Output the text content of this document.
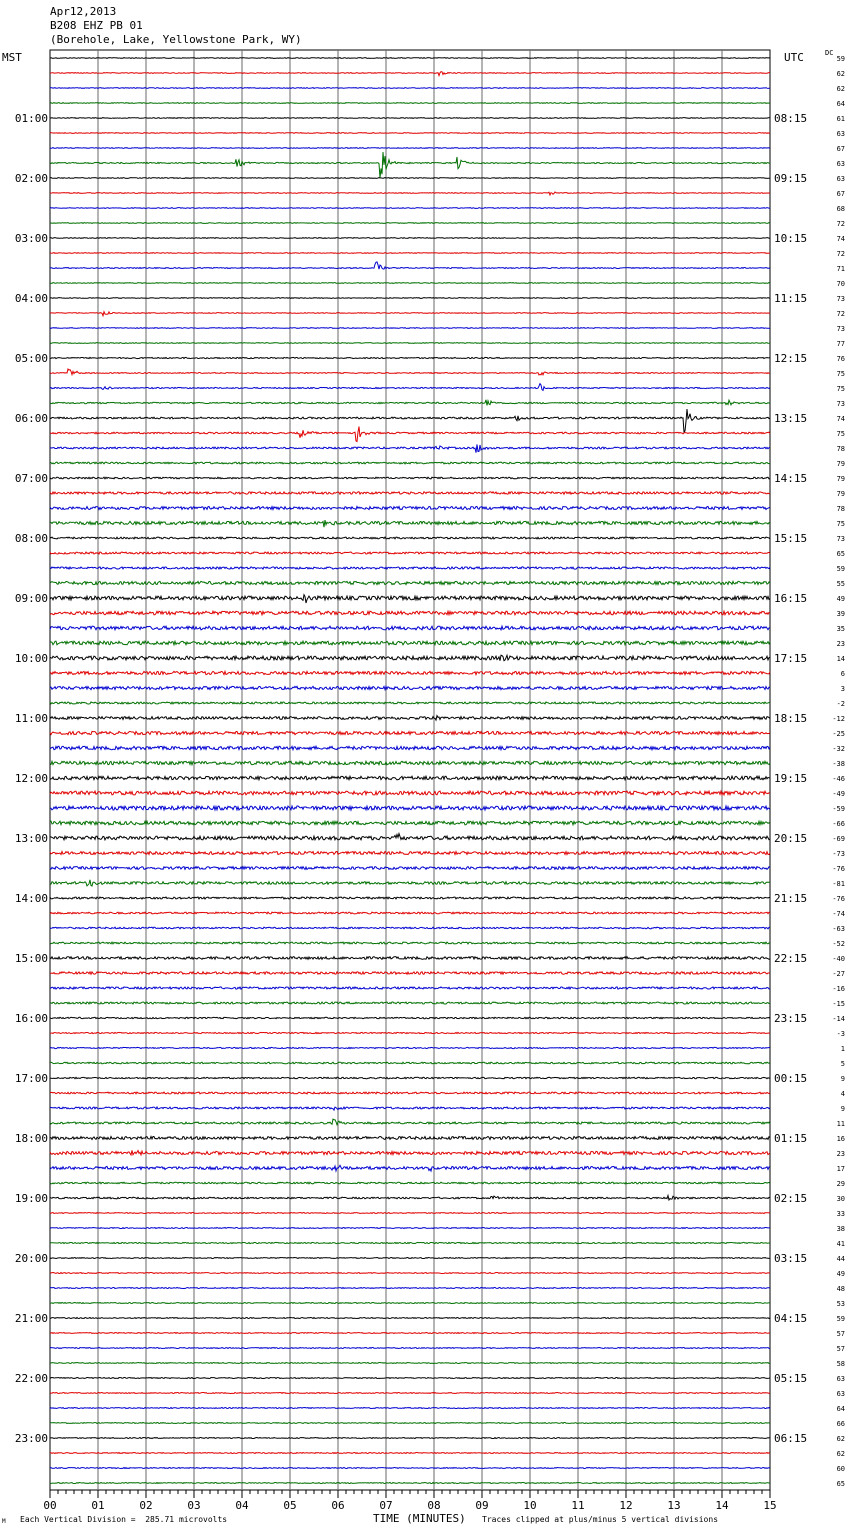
Apr12,2013
B208 EHZ PB 01
(Borehole, Lake, Yellowstone Park, WY)
MST	UTC	DC
00	01	02	03	04	05	06	07	08	09	10	11	12	13	14	15
59
62
62
64
61
63
67
63
63
67
68
72
74
72
71
70
73
72
73
77
76
75
75
73
74
75
78
79
79
79
78
75
73
65
59
55
49
39
35
23
14
6
3
-2
-12
-25
-32
-38
-46
-49
-59
-66
-69
-73
-76
-81
-76
-74
-63
-52
-40
-27
-16
-15
-14
-3
1
5
9
4
9
11
16
23
17
29
30
33
38
41
44
49
48
53
59
57
57
58
63
63
64
66
62
62
60
65
01:00	08:15
02:00	09:15
03:00	10:15
04:00	11:15
05:00	12:15
06:00	13:15
07:00	14:15
08:00	15:15
09:00	16:15
10:00	17:15
11:00	18:15
12:00	19:15
13:00	20:15
14:00	21:15
15:00	22:15
16:00	23:15
17:00	00:15
18:00	01:15
19:00	02:15
20:00	03:15
21:00	04:15
22:00	05:15
23:00	06:15
M Each Vertical Division =  285.71 microvolts	TIME (MINUTES) Traces clipped at plus/minus 5 vertical divisions
